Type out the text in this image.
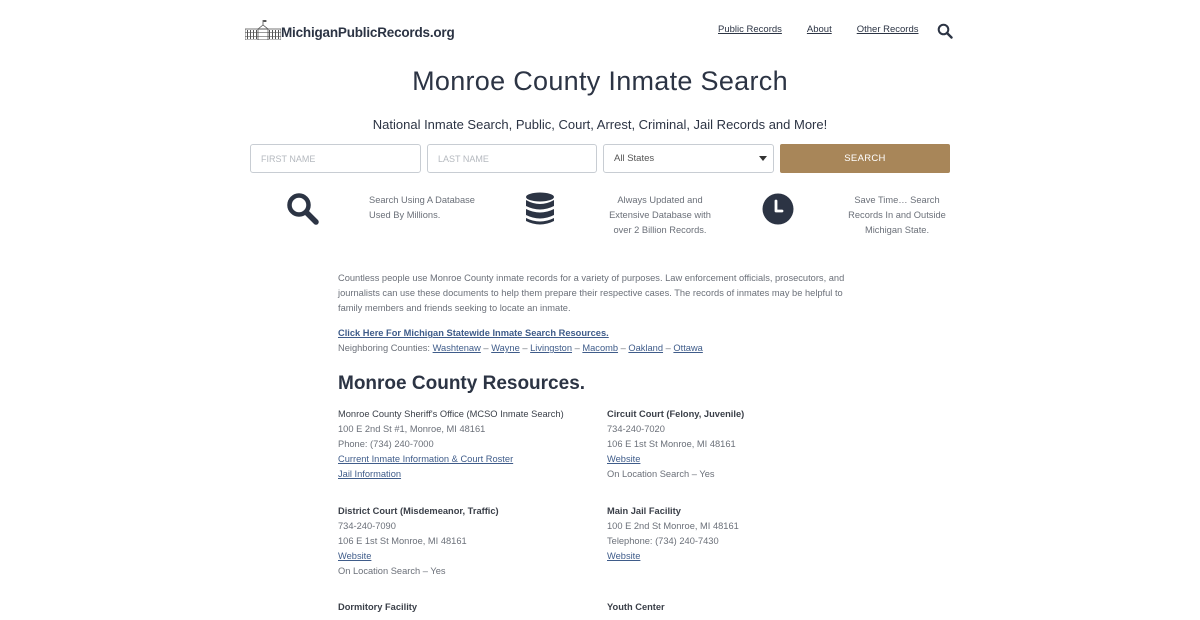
MichiganPublicRecords.org	Public Records	About	Other Records
Monroe County Inmate Search
National Inmate Search, Public, Court, Arrest, Criminal, Jail Records and More!
FIRST NAME
LAST NAME
All States	SEARCH
Search Using A Database
Used By Millions.
Always Updated and
Extensive Database with
over 2 Billion Records.
Save Time… Search
Records In and Outside
Michigan State.

Countless people use Monroe County inmate records for a variety of purposes. Law enforcement officials, prosecutors, and journalists can use these documents to help them prepare their respective cases. The records of inmates may be helpful to family members and friends seeking to locate an inmate.

Click Here For Michigan Statewide Inmate Search Resources.
Neighboring Counties: Washtenaw – Wayne – Livingston – Macomb – Oakland – Ottawa
Monroe County Resources.
Monroe County Sheriff's Office (MCSO Inmate Search)
100 E 2nd St #1, Monroe, MI 48161
Phone: (734) 240-7000
Current Inmate Information & Court Roster
Jail Information
Circuit Court (Felony, Juvenile)
734-240-7020
106 E 1st St Monroe, MI 48161
Website
On Location Search – Yes
District Court (Misdemeanor, Traffic)
734-240-7090
106 E 1st St Monroe, MI 48161
Website
On Location Search – Yes
Main Jail Facility
100 E 2nd St Monroe, MI 48161
Telephone: (734) 240-7430
Website
Dormitory Facility	Youth Center
